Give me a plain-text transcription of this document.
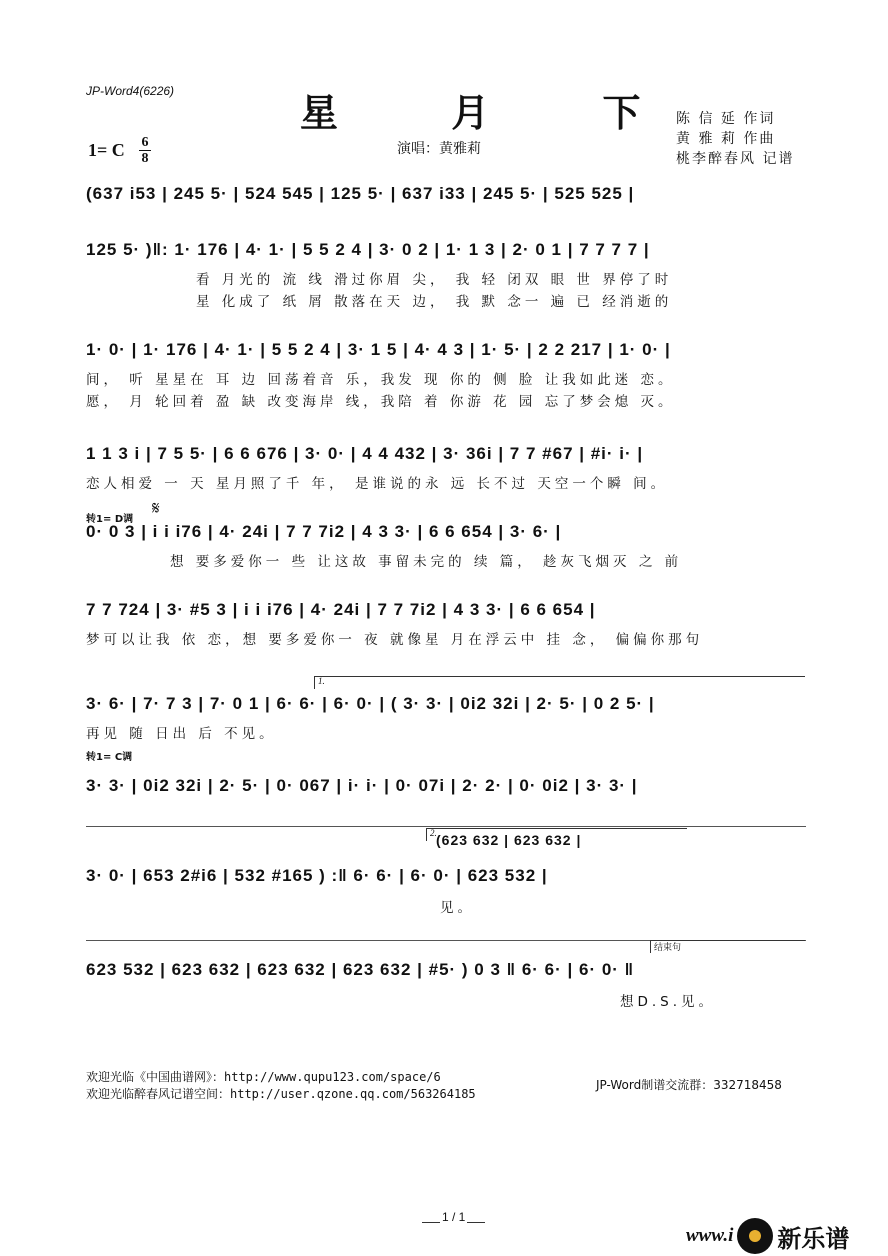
JP-Word4(6226)	星 月 下
陈 信 延 作词
黄 雅 莉 作曲
桃李醉春风 记谱
1= C 6
8
演唱：黄雅莉
(637 i53 | 245 5· | 524 545 | 125 5· | 637 i33 | 245 5· | 525 525 |
125 5· )‖: 1· 176 | 4· 1· | 5 5 2 4 | 3· 0 2 | 1· 1 3 | 2· 0 1 | 7 7 7 7 |
看 月光的 流 线 滑过你眉 尖， 我 轻 闭双 眼 世 界停了时
星 化成了 纸 屑 散落在天 边， 我 默 念一 遍 已 经消逝的
1· 0· | 1· 176 | 4· 1· | 5 5 2 4 | 3· 1 5 | 4· 4 3 | 1· 5· | 2 2 217 | 1· 0· |
间， 听 星星在 耳 边 回荡着音 乐，我发 现 你的 侧 脸 让我如此迷 恋。
愿， 月 轮回着 盈 缺 改变海岸 线，我陪 着 你游 花 园 忘了梦会熄 灭。
1 1 3 i | 7 5 5· | 6 6 676 | 3· 0· | 4 4 432 | 3· 36i | 7 7 #67 | #i· i· |
恋人相爱 一 天 星月照了千 年， 是谁说的永 远 长不过 天空一个瞬 间。
转1= D调
𝄋
0· 0 3 | i i i76 | 4· 24i | 7 7 7i2 | 4 3 3· | 6 6 654 | 3· 6· |
想 要多爱你一 些 让这故 事留未完的 续 篇， 趁灰飞烟灭 之 前
7 7 724 | 3· #5 3 | i i i76 | 4· 24i | 7 7 7i2 | 4 3 3· | 6 6 654 |
梦可以让我 依 恋，想 要多爱你一 夜 就像星 月在浮云中 挂 念， 偏偏你那句
1.
3· 6· | 7· 7 3 | 7· 0 1 | 6· 6· | 6· 0· | ( 3· 3· | 0i2 32i | 2· 5· | 0 2 5· |
再见 随 日出 后 不见。
转1= C调
3· 3· | 0i2 32i | 2· 5· | 0· 067 | i· i· | 0· 07i | 2· 2· | 0· 0i2 | 3· 3· |
2. (623 632 | 623 632 |
3· 0· | 653 2#i6 | 532 #165 ) :‖ 6· 6· | 6· 0· | 623 532 |
见。
结束句
623 532 | 623 632 | 623 632 | 623 632 | #5· ) 0 3 ‖ 6· 6· | 6· 0· ‖
想D.S.见。
欢迎光临《中国曲谱网》：http://www.qupu123.com/space/6
欢迎光临醉春风记谱空间：http://user.qzone.qq.com/563264185
JP-Word制谱交流群：332718458
1 / 1
www.i 新乐谱
